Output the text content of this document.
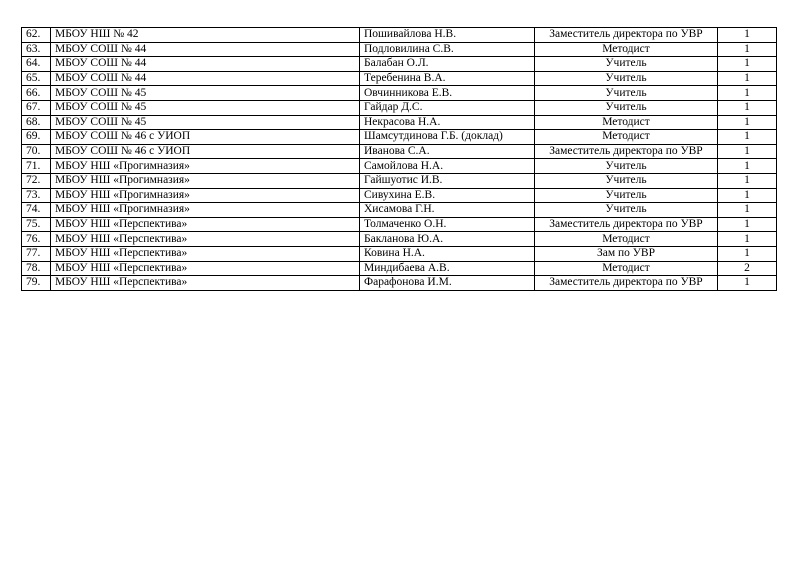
62.	МБОУ НШ № 42	Пошивайлова Н.В.	Заместитель директора по УВР	1
63.	МБОУ СОШ № 44	Подловилина С.В.	Методист	1
64.	МБОУ СОШ № 44	Балабан О.Л.	Учитель	1
65.	МБОУ СОШ № 44	Теребенина В.А.	Учитель	1
66.	МБОУ СОШ № 45	Овчинникова Е.В.	Учитель	1
67.	МБОУ СОШ № 45	Гайдар Д.С.	Учитель	1
68.	МБОУ СОШ № 45	Некрасова Н.А.	Методист	1
69.	МБОУ СОШ № 46 с УИОП	Шамсутдинова Г.Б. (доклад)	Методист	1
70.	МБОУ СОШ № 46 с УИОП	Иванова С.А.	Заместитель директора по УВР	1
71.	МБОУ НШ «Прогимназия»	Самойлова Н.А.	Учитель	1
72.	МБОУ НШ «Прогимназия»	Гайшуотис И.В.	Учитель	1
73.	МБОУ НШ «Прогимназия»	Сивухина Е.В.	Учитель	1
74.	МБОУ НШ «Прогимназия»	Хисамова Г.Н.	Учитель	1
75.	МБОУ НШ «Перспектива»	Толмаченко О.Н.	Заместитель директора по УВР	1
76.	МБОУ НШ «Перспектива»	Бакланова Ю.А.	Методист	1
77.	МБОУ НШ «Перспектива»	Ковина Н.А.	Зам по УВР	1
78.	МБОУ НШ «Перспектива»	Миндибаева А.В.	Методист	2
79.	МБОУ НШ «Перспектива»	Фарафонова И.М.	Заместитель директора по УВР	1
